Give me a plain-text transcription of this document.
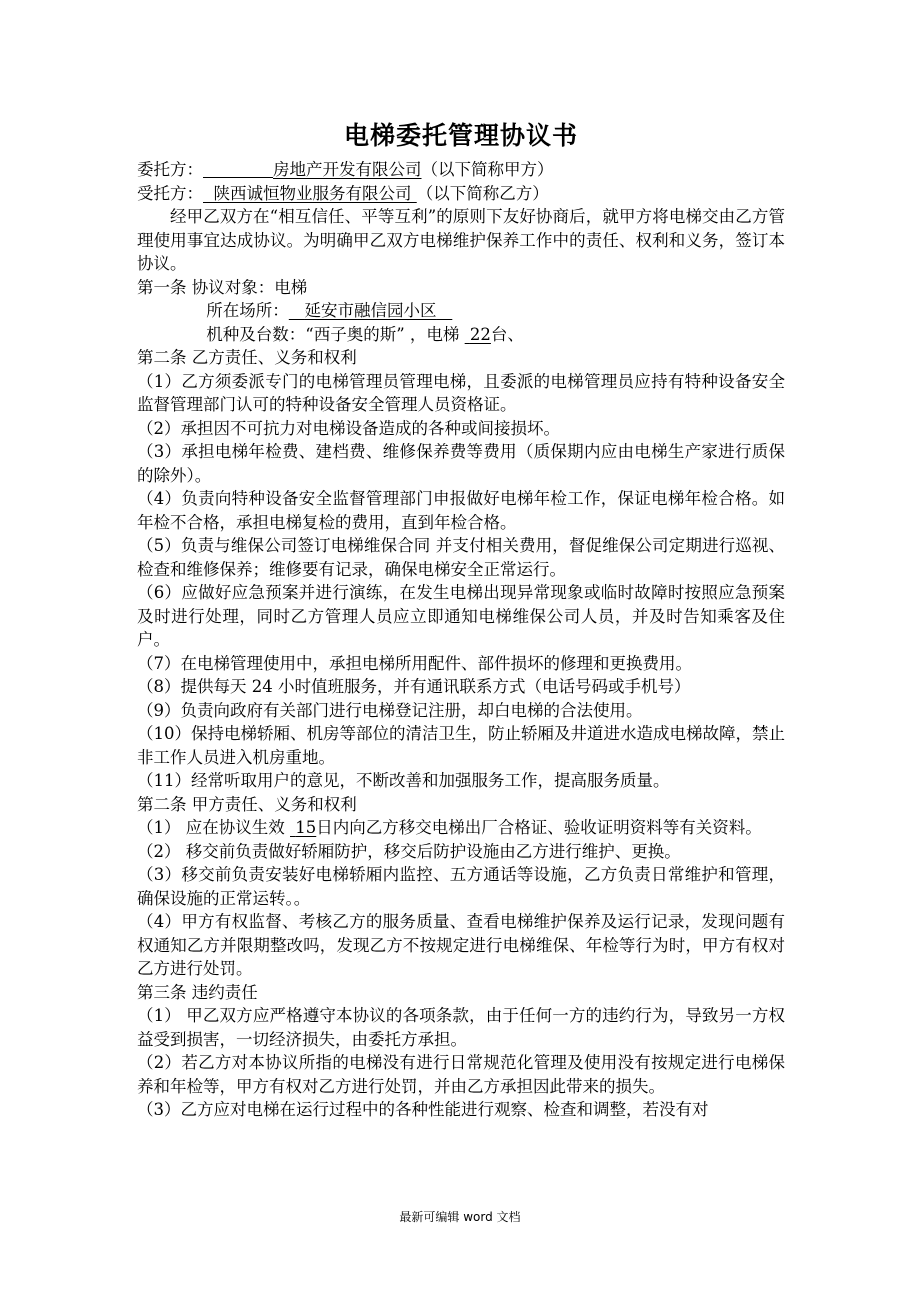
电梯委托管理协议书
委托方：	房地产开发有限公司（以下简称甲方）
受托方： 陕西诚恒物业服务有限公司 （以下简称乙方）
经甲乙双方在“相互信任、平等互利”的原则下友好协商后，就甲方将电梯交由乙方管理使用事宜达成协议。为明确甲乙双方电梯维护保养工作中的责任、权利和义务，签订本协议。
第一条 协议对象：电梯
所在场所： 延安市融信园小区
机种及台数：“西子奥的斯” ，电梯  22台、
第二条 乙方责任、义务和权利
（1）乙方须委派专门的电梯管理员管理电梯，且委派的电梯管理员应持有特种设备安全监督管理部门认可的特种设备安全管理人员资格证。
（2）承担因不可抗力对电梯设备造成的各种或间接损坏。
（3）承担电梯年检费、建档费、维修保养费等费用（质保期内应由电梯生产家进行质保的除外）。
（4）负责向特种设备安全监督管理部门申报做好电梯年检工作，保证电梯年检合格。如年检不合格，承担电梯复检的费用，直到年检合格。
（5）负责与维保公司签订电梯维保合同 并支付相关费用，督促维保公司定期进行巡视、检查和维修保养；维修要有记录，确保电梯安全正常运行。
（6）应做好应急预案并进行演练，在发生电梯出现异常现象或临时故障时按照应急预案及时进行处理，同时乙方管理人员应立即通知电梯维保公司人员，并及时告知乘客及住户。
（7）在电梯管理使用中，承担电梯所用配件、部件损坏的修理和更换费用。
（8）提供每天 24 小时值班服务，并有通讯联系方式（电话号码或手机号）
（9）负责向政府有关部门进行电梯登记注册，却白电梯的合法使用。
（10）保持电梯轿厢、机房等部位的清洁卫生，防止轿厢及井道进水造成电梯故障，禁止非工作人员进入机房重地。
（11）经常听取用户的意见，不断改善和加强服务工作，提高服务质量。
第二条 甲方责任、义务和权利
（1） 应在协议生效  15日内向乙方移交电梯出厂合格证、验收证明资料等有关资料。
（2） 移交前负责做好轿厢防护，移交后防护设施由乙方进行维护、更换。
（3）移交前负责安装好电梯轿厢内监控、五方通话等设施，乙方负责日常维护和管理，确保设施的正常运转。。
（4）甲方有权监督、考核乙方的服务质量、查看电梯维护保养及运行记录，发现问题有权通知乙方并限期整改吗，发现乙方不按规定进行电梯维保、年检等行为时，甲方有权对乙方进行处罚。
第三条 违约责任
（1） 甲乙双方应严格遵守本协议的各项条款，由于任何一方的违约行为，导致另一方权益受到损害，一切经济损失，由委托方承担。
（2）若乙方对本协议所指的电梯没有进行日常规范化管理及使用没有按规定进行电梯保养和年检等，甲方有权对乙方进行处罚，并由乙方承担因此带来的损失。
（3）乙方应对电梯在运行过程中的各种性能进行观察、检查和调整，若没有对
最新可编辑 word 文档
